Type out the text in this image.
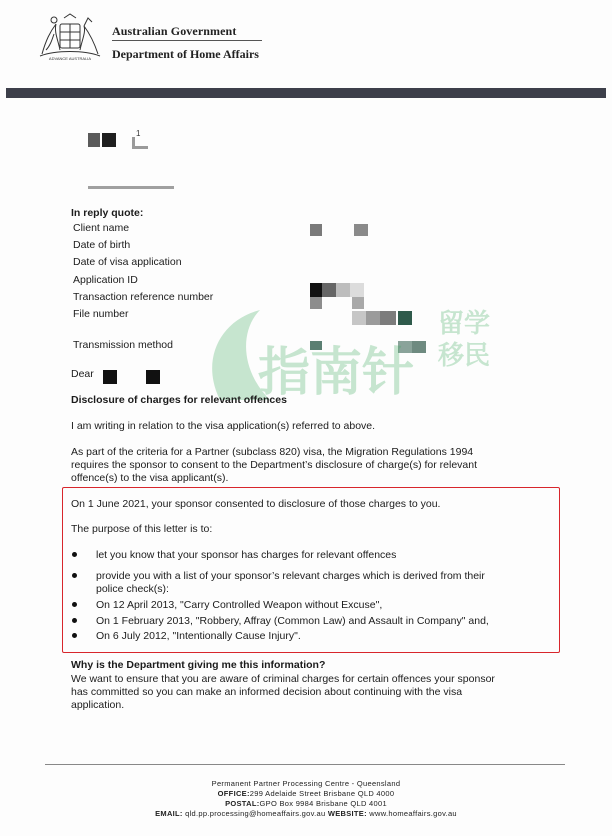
ADVANCE AUSTRALIA
Australian Government
Department of Home Affairs
1
In reply quote:
Client name
Date of birth
Date of visa application
Application ID
Transaction reference number
File number
Transmission method 指南针
留学
移民
Dear
Disclosure of charges for relevant offences
I am writing in relation to the visa application(s) referred to above.
As part of the criteria for a Partner (subclass 820) visa, the Migration Regulations 1994
requires the sponsor to consent to the Department’s disclosure of charge(s) for relevant
offence(s) to the visa applicant(s).
On 1 June 2021, your sponsor consented to disclosure of those charges to you.
The purpose of this letter is to:
let you know that your sponsor has charges for relevant offences
provide you with a list of your sponsor’s relevant charges which is derived from their
police check(s):
On 12 April 2013, "Carry Controlled Weapon without Excuse",
On 1 February 2013, "Robbery, Affray (Common Law) and Assault in Company" and,
On 6 July 2012, "Intentionally Cause Injury".
Why is the Department giving me this information?
We want to ensure that you are aware of criminal charges for certain offences your sponsor
has committed so you can make an informed decision about continuing with the visa
application.
Permanent Partner Processing Centre - Queensland
OFFICE:299 Adelaide Street Brisbane QLD 4000
POSTAL:GPO Box 9984 Brisbane QLD 4001
EMAIL: qld.pp.processing@homeaffairs.gov.au WEBSITE: www.homeaffairs.gov.au
